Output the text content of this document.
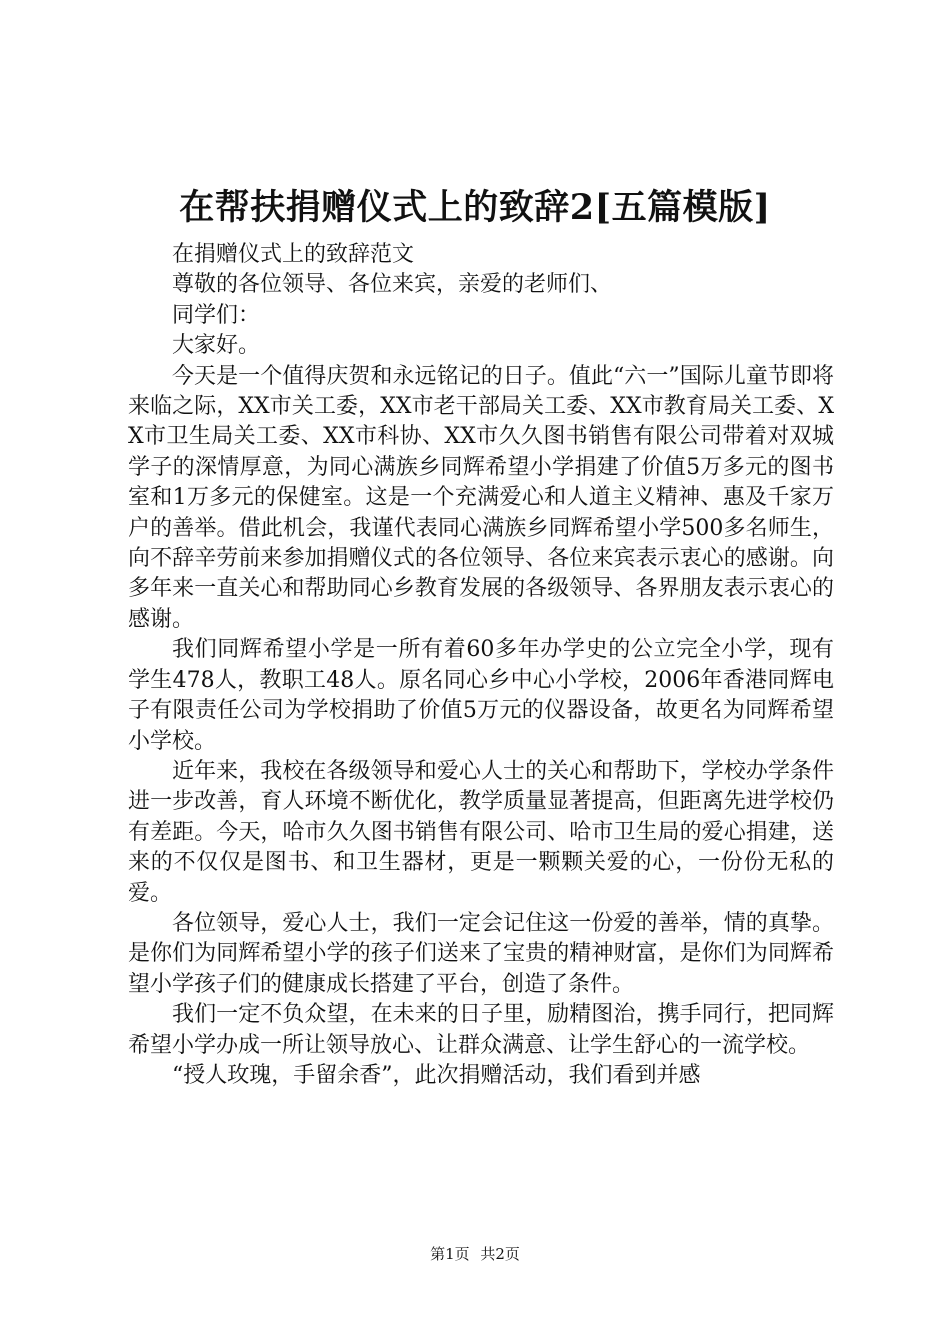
在帮扶捐赠仪式上的致辞2[五篇模版]

在捐赠仪式上的致辞范文

尊敬的各位领导、各位来宾，亲爱的老师们、

同学们：

大家好。

今天是一个值得庆贺和永远铭记的日子。值此“六一”国际儿童节即将来临之际，XX市关工委，XX市老干部局关工委、XX市教育局关工委、XX市卫生局关工委、XX市科协、XX市久久图书销售有限公司带着对双城学子的深情厚意，为同心满族乡同辉希望小学捐建了价值5万多元的图书室和1万多元的保健室。这是一个充满爱心和人道主义精神、惠及千家万户的善举。借此机会，我谨代表同心满族乡同辉希望小学500多名师生，向不辞辛劳前来参加捐赠仪式的各位领导、各位来宾表示衷心的感谢。向多年来一直关心和帮助同心乡教育发展的各级领导、各界朋友表示衷心的感谢。

我们同辉希望小学是一所有着60多年办学史的公立完全小学，现有学生478人，教职工48人。原名同心乡中心小学校，2006年香港同辉电子有限责任公司为学校捐助了价值5万元的仪器设备，故更名为同辉希望小学校。

近年来，我校在各级领导和爱心人士的关心和帮助下，学校办学条件进一步改善，育人环境不断优化，教学质量显著提高，但距离先进学校仍有差距。今天，哈市久久图书销售有限公司、哈市卫生局的爱心捐建，送来的不仅仅是图书、和卫生器材，更是一颗颗关爱的心，一份份无私的爱。

各位领导，爱心人士，我们一定会记住这一份爱的善举，情的真挚。是你们为同辉希望小学的孩子们送来了宝贵的精神财富，是你们为同辉希望小学孩子们的健康成长搭建了平台，创造了条件。

我们一定不负众望，在未来的日子里，励精图治，携手同行，把同辉希望小学办成一所让领导放心、让群众满意、让学生舒心的一流学校。

“授人玫瑰，手留余香”，此次捐赠活动，我们看到并感

第1页 共2页
